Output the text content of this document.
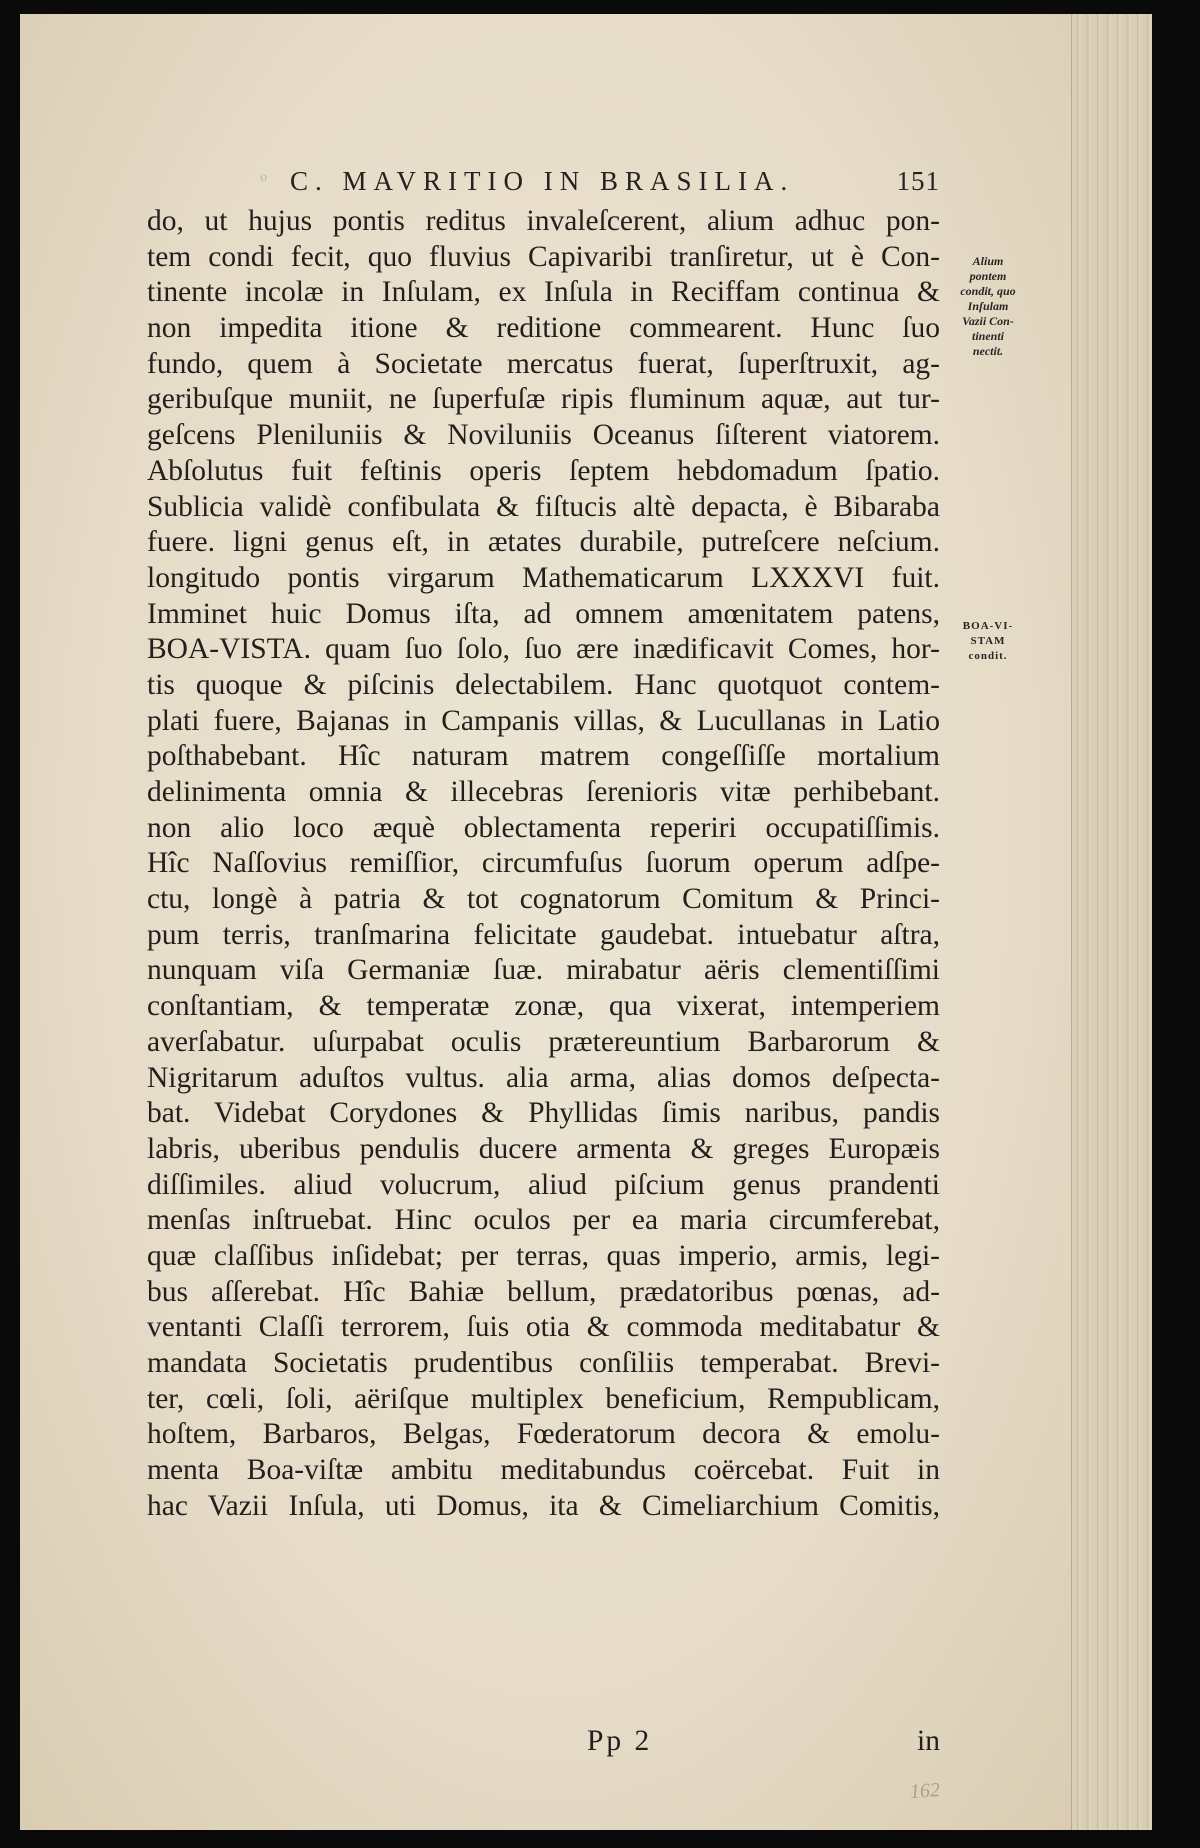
o C. MAVRITIO IN BRASILIA.	151
do, ut hujus pontis reditus invaleſcerent, alium adhuc pon-
tem condi fecit, quo fluvius Capivaribi tranſiretur, ut è Con-
tinente incolæ in Inſulam, ex Inſula in Reciffam continua &
non impedita itione & reditione commearent. Hunc ſuo
fundo, quem à Societate mercatus fuerat, ſuperſtruxit, ag-
geribuſque muniit, ne ſuperfuſæ ripis fluminum aquæ, aut tur-
geſcens Pleniluniis & Noviluniis Oceanus ſiſterent viatorem.
Abſolutus fuit feſtinis operis ſeptem hebdomadum ſpatio.
Sublicia validè confibulata & fiſtucis altè depacta, è Bibaraba
fuere. ligni genus eſt, in ætates durabile, putreſcere neſcium.
longitudo pontis virgarum Mathematicarum LXXXVI fuit.
Imminet huic Domus iſta, ad omnem amœnitatem patens,
BOA-VISTA. quam ſuo ſolo, ſuo ære inædificavit Comes, hor-
tis quoque & piſcinis delectabilem. Hanc quotquot contem-
plati fuere, Bajanas in Campanis villas, & Lucullanas in Latio
poſthabebant. Hîc naturam matrem congeſſiſſe mortalium
delinimenta omnia & illecebras ſerenioris vitæ perhibebant.
non alio loco æquè oblectamenta reperiri occupatiſſimis.
Hîc Naſſovius remiſſior, circumfuſus ſuorum operum adſpe-
ctu, longè à patria & tot cognatorum Comitum & Princi-
pum terris, tranſmarina felicitate gaudebat. intuebatur aſtra,
nunquam viſa Germaniæ ſuæ. mirabatur aëris clementiſſimi
conſtantiam, & temperatæ zonæ, qua vixerat, intemperiem
averſabatur. uſurpabat oculis prætereuntium Barbarorum &
Nigritarum aduſtos vultus. alia arma, alias domos deſpecta-
bat. Videbat Corydones & Phyllidas ſimis naribus, pandis
labris, uberibus pendulis ducere armenta & greges Europæis
diſſimiles. aliud volucrum, aliud piſcium genus prandenti
menſas inſtruebat. Hinc oculos per ea maria circumferebat,
quæ claſſibus inſidebat; per terras, quas imperio, armis, legi-
bus aſſerebat. Hîc Bahiæ bellum, prædatoribus pœnas, ad-
ventanti Claſſi terrorem, ſuis otia & commoda meditabatur &
mandata Societatis prudentibus conſiliis temperabat. Brevi-
ter, cœli, ſoli, aëriſque multiplex beneficium, Rempublicam,
hoſtem, Barbaros, Belgas, Fœderatorum decora & emolu-
menta Boa-viſtæ ambitu meditabundus coërcebat. Fuit in
hac Vazii Inſula, uti Domus, ita & Cimeliarchium Comitis,
Alium
pontem
condit, quo
Inſulam
Vazii Con-
tinenti
nectit.
BOA-VI-
STAM
condit.
Pp 2	in
162
